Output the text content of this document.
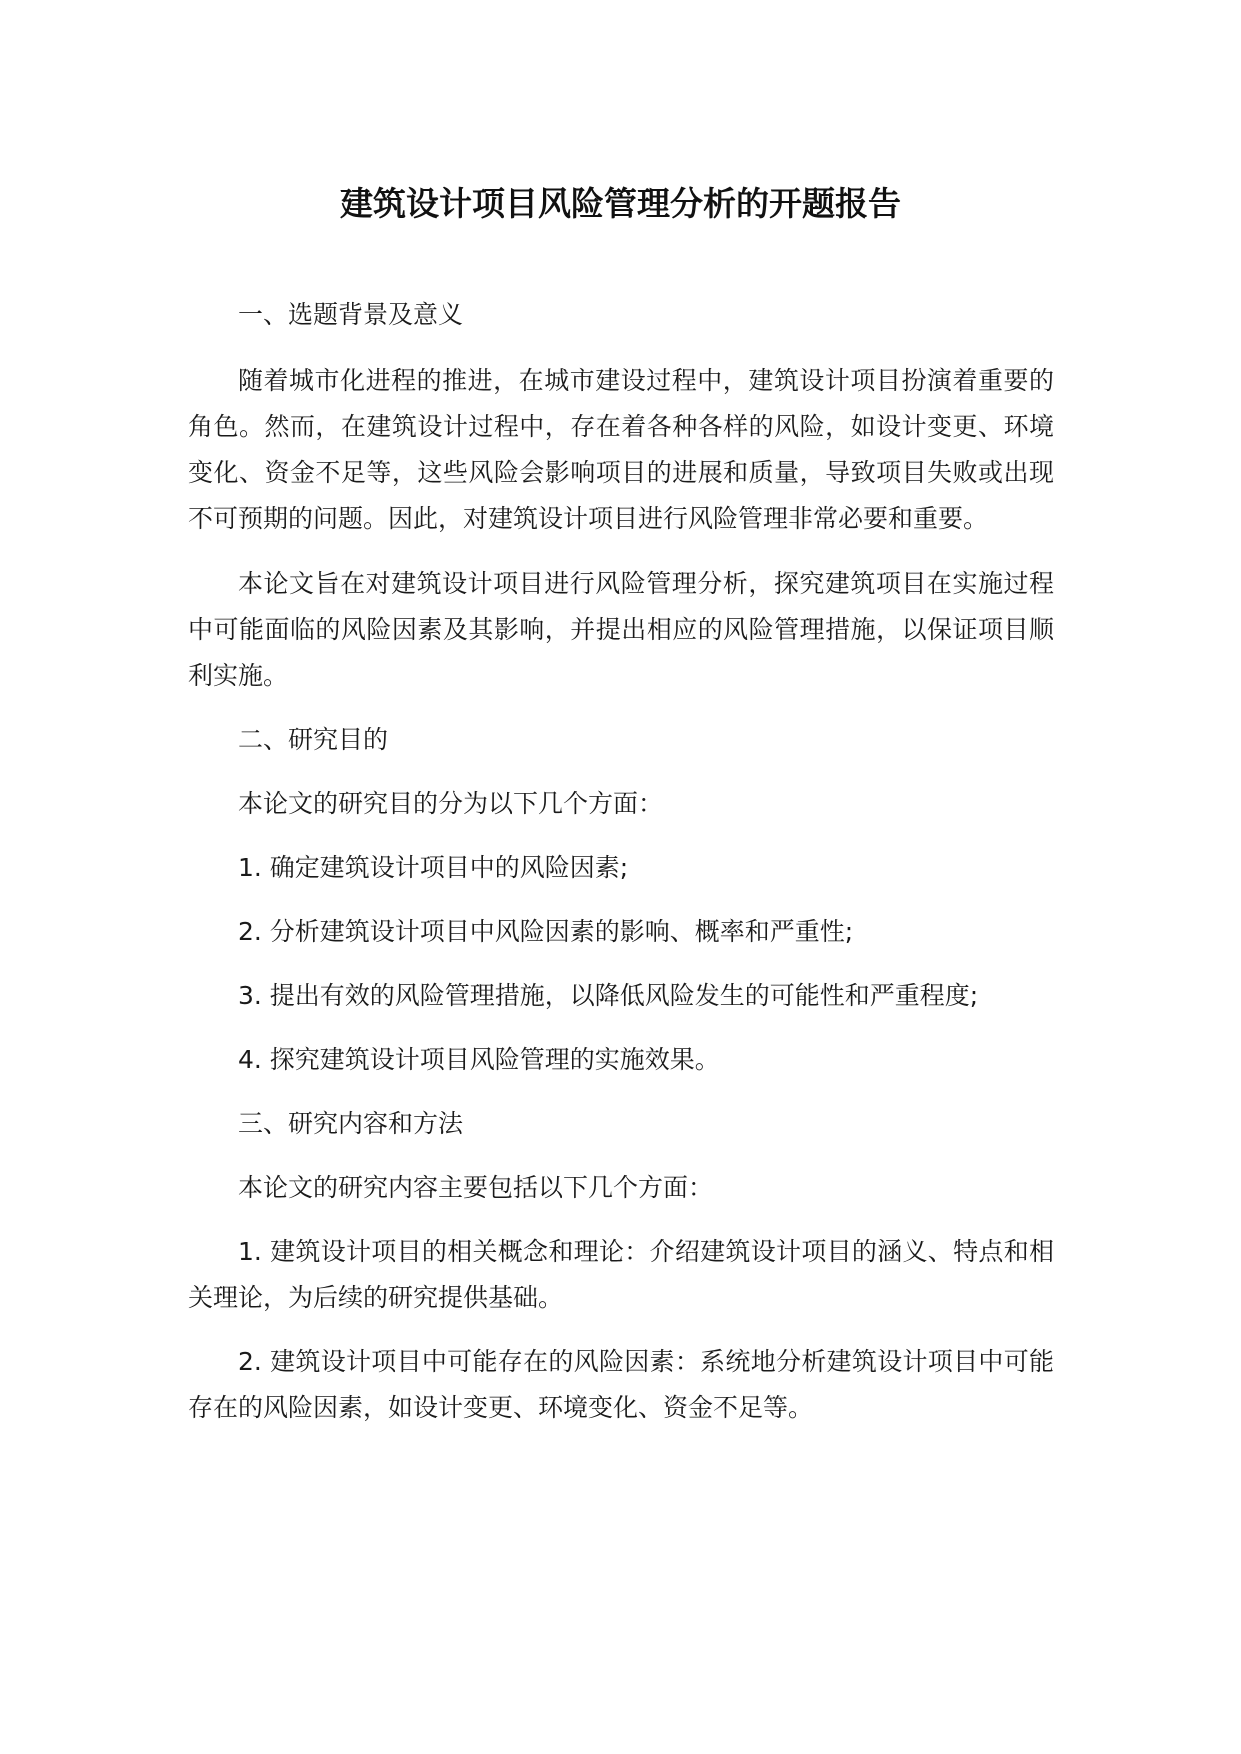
建筑设计项目风险管理分析的开题报告

一、选题背景及意义

随着城市化进程的推进，在城市建设过程中，建筑设计项目扮演着重要的角色。然而，在建筑设计过程中，存在着各种各样的风险，如设计变更、环境变化、资金不足等，这些风险会影响项目的进展和质量，导致项目失败或出现不可预期的问题。因此，对建筑设计项目进行风险管理非常必要和重要。

本论文旨在对建筑设计项目进行风险管理分析，探究建筑项目在实施过程中可能面临的风险因素及其影响，并提出相应的风险管理措施，以保证项目顺利实施。

二、研究目的

本论文的研究目的分为以下几个方面：

1. 确定建筑设计项目中的风险因素;

2. 分析建筑设计项目中风险因素的影响、概率和严重性;

3. 提出有效的风险管理措施，以降低风险发生的可能性和严重程度;

4. 探究建筑设计项目风险管理的实施效果。

三、研究内容和方法

本论文的研究内容主要包括以下几个方面：

1. 建筑设计项目的相关概念和理论：介绍建筑设计项目的涵义、特点和相关理论，为后续的研究提供基础。

2. 建筑设计项目中可能存在的风险因素：系统地分析建筑设计项目中可能存在的风险因素，如设计变更、环境变化、资金不足等。
